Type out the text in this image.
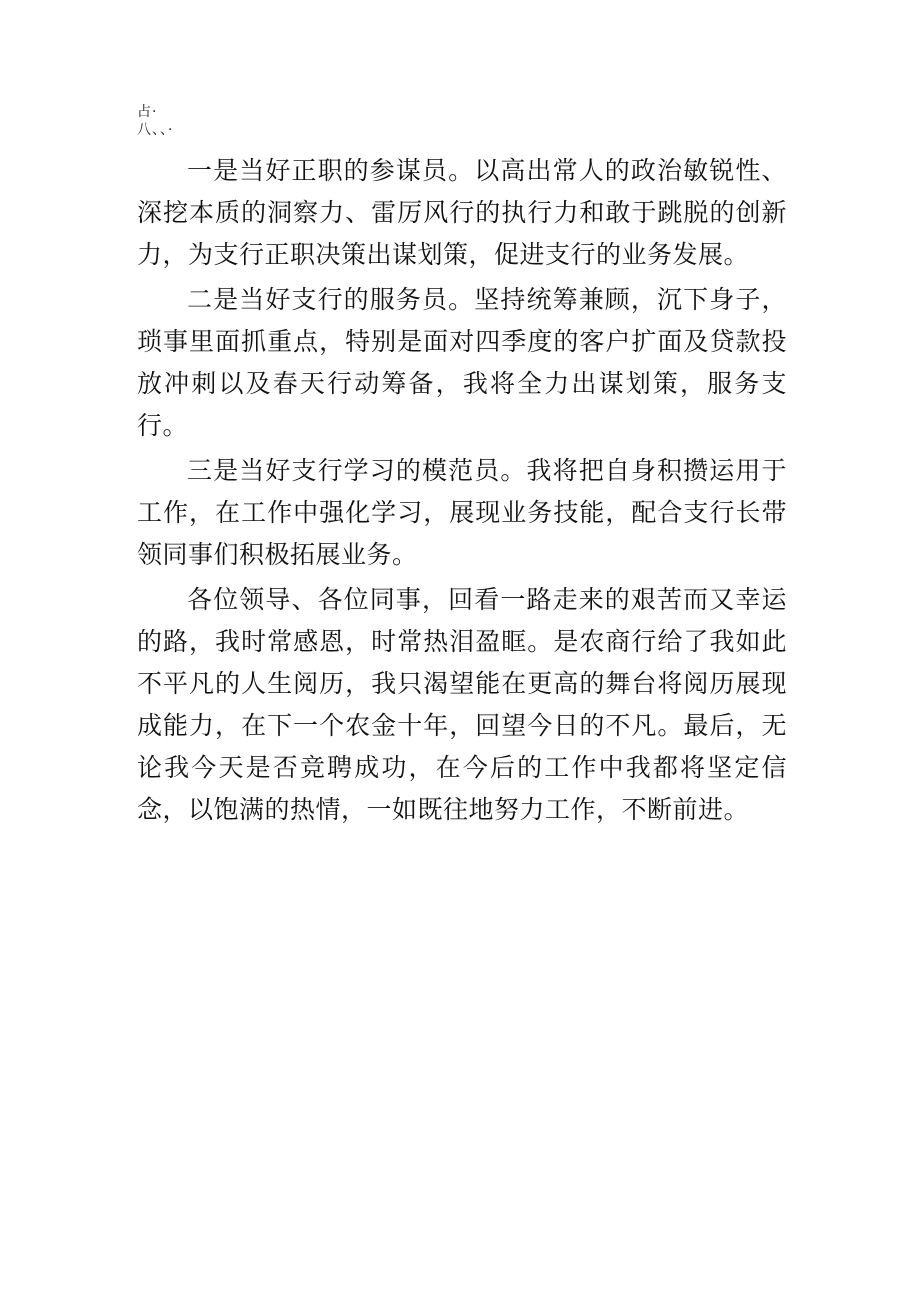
占·
八、、·

一是当好正职的参谋员。以高出常人的政治敏锐性、深挖本质的洞察力、雷厉风行的执行力和敢于跳脱的创新力，为支行正职决策出谋划策，促进支行的业务发展。

二是当好支行的服务员。坚持统筹兼顾，沉下身子，琐事里面抓重点，特别是面对四季度的客户扩面及贷款投放冲刺以及春天行动筹备，我将全力出谋划策，服务支行。

三是当好支行学习的模范员。我将把自身积攒运用于工作，在工作中强化学习，展现业务技能，配合支行长带领同事们积极拓展业务。

各位领导、各位同事，回看一路走来的艰苦而又幸运的路，我时常感恩，时常热泪盈眶。是农商行给了我如此不平凡的人生阅历，我只渴望能在更高的舞台将阅历展现成能力，在下一个农金十年，回望今日的不凡。最后，无论我今天是否竞聘成功，在今后的工作中我都将坚定信念，以饱满的热情，一如既往地努力工作，不断前进。
